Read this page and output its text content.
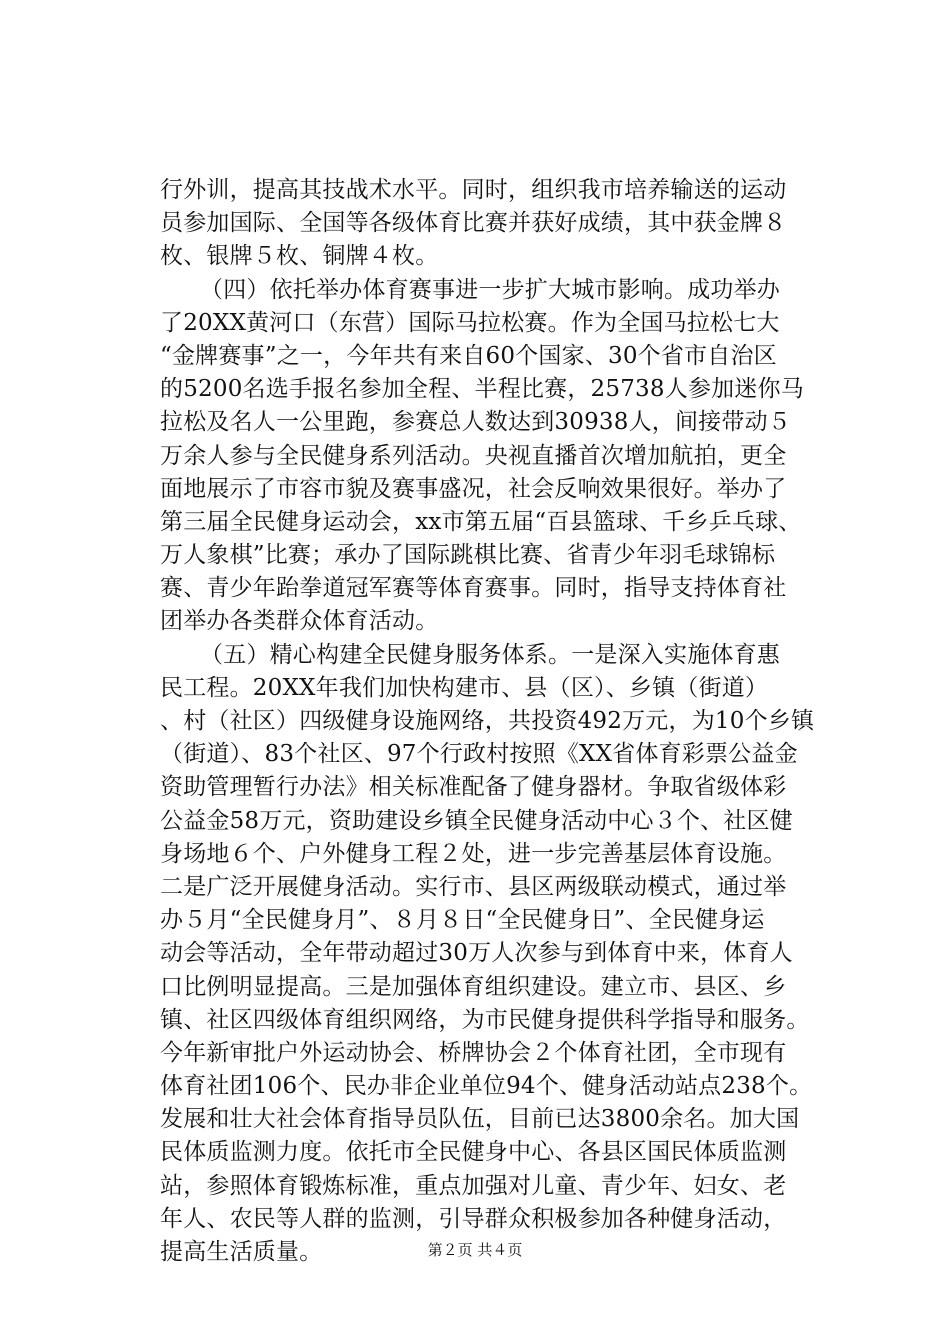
行外训，提高其技战术水平。同时，组织我市培养输送的运动
员参加国际、全国等各级体育比赛并获好成绩，其中获金牌８
枚、银牌５枚、铜牌４枚。
（四）依托举办体育赛事进一步扩大城市影响。成功举办
了20XX黄河口（东营）国际马拉松赛。作为全国马拉松七大
“金牌赛事”之一，今年共有来自60个国家、30个省市自治区
的5200名选手报名参加全程、半程比赛，25738人参加迷你马
拉松及名人一公里跑，参赛总人数达到30938人，间接带动５
万余人参与全民健身系列活动。央视直播首次增加航拍，更全
面地展示了市容市貌及赛事盛况，社会反响效果很好。举办了
第三届全民健身运动会，xx市第五届“百县篮球、千乡乒乓球、
万人象棋”比赛；承办了国际跳棋比赛、省青少年羽毛球锦标
赛、青少年跆拳道冠军赛等体育赛事。同时，指导支持体育社
团举办各类群众体育活动。
（五）精心构建全民健身服务体系。一是深入实施体育惠
民工程。20XX年我们加快构建市、县（区）、乡镇（街道）
、村（社区）四级健身设施网络，共投资492万元，为10个乡镇
（街道）、83个社区、97个行政村按照《XX省体育彩票公益金
资助管理暂行办法》相关标准配备了健身器材。争取省级体彩
公益金58万元，资助建设乡镇全民健身活动中心３个、社区健
身场地６个、户外健身工程２处，进一步完善基层体育设施。
二是广泛开展健身活动。实行市、县区两级联动模式，通过举
办５月“全民健身月”、８月８日“全民健身日”、全民健身运
动会等活动，全年带动超过30万人次参与到体育中来，体育人
口比例明显提高。三是加强体育组织建设。建立市、县区、乡
镇、社区四级体育组织网络，为市民健身提供科学指导和服务。
今年新审批户外运动协会、桥牌协会２个体育社团，全市现有
体育社团106个、民办非企业单位94个、健身活动站点238个。
发展和壮大社会体育指导员队伍，目前已达3800余名。加大国
民体质监测力度。依托市全民健身中心、各县区国民体质监测
站，参照体育锻炼标准，重点加强对儿童、青少年、妇女、老
年人、农民等人群的监测，引导群众积极参加各种健身活动，
提高生活质量。	第２页 共４页
